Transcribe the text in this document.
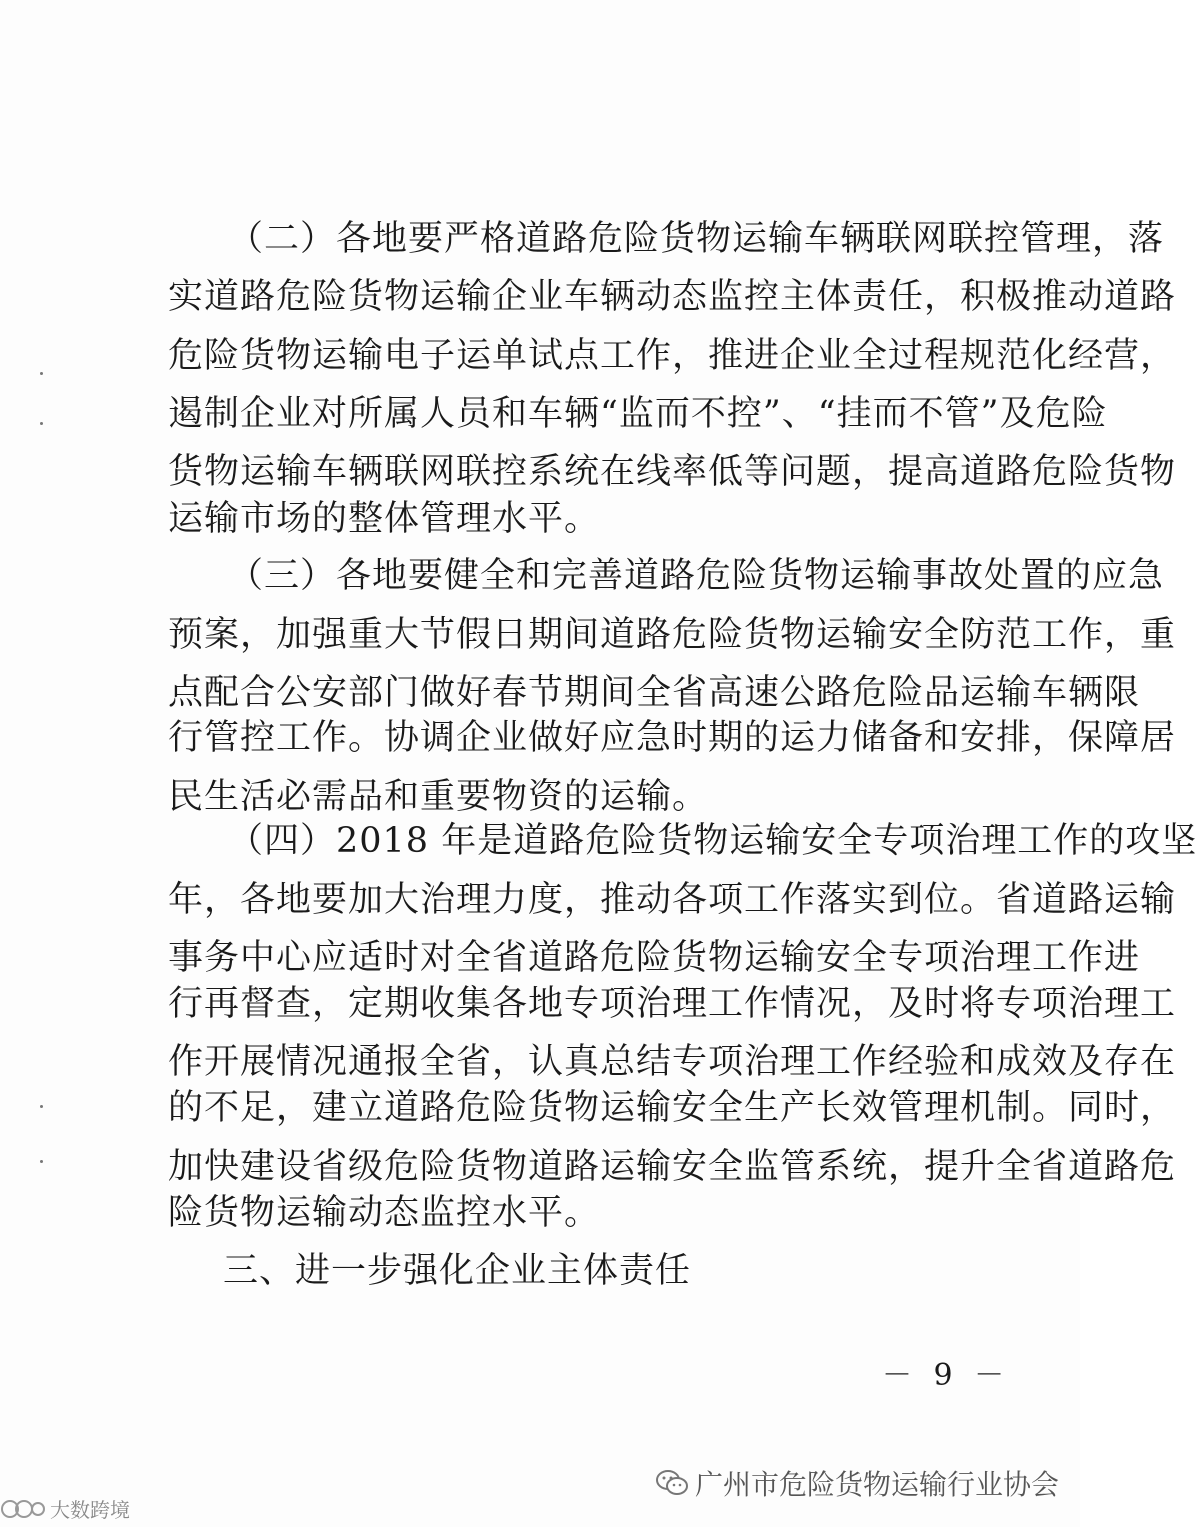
（二）各地要严格道路危险货物运输车辆联网联控管理，落
实道路危险货物运输企业车辆动态监控主体责任，积极推动道路
危险货物运输电子运单试点工作，推进企业全过程规范化经营，
遏制企业对所属人员和车辆“监而不控”、“挂而不管”及危险
货物运输车辆联网联控系统在线率低等问题，提高道路危险货物
运输市场的整体管理水平。
（三）各地要健全和完善道路危险货物运输事故处置的应急
预案，加强重大节假日期间道路危险货物运输安全防范工作，重
点配合公安部门做好春节期间全省高速公路危险品运输车辆限
行管控工作。协调企业做好应急时期的运力储备和安排，保障居
民生活必需品和重要物资的运输。
（四）2018 年是道路危险货物运输安全专项治理工作的攻坚
年，各地要加大治理力度，推动各项工作落实到位。省道路运输
事务中心应适时对全省道路危险货物运输安全专项治理工作进
行再督查，定期收集各地专项治理工作情况，及时将专项治理工
作开展情况通报全省，认真总结专项治理工作经验和成效及存在
的不足，建立道路危险货物运输安全生产长效管理机制。同时，
加快建设省级危险货物道路运输安全监管系统，提升全省道路危
险货物运输动态监控水平。
三、进一步强化企业主体责任
－ 9 －
广州市危险货物运输行业协会
大数跨境
